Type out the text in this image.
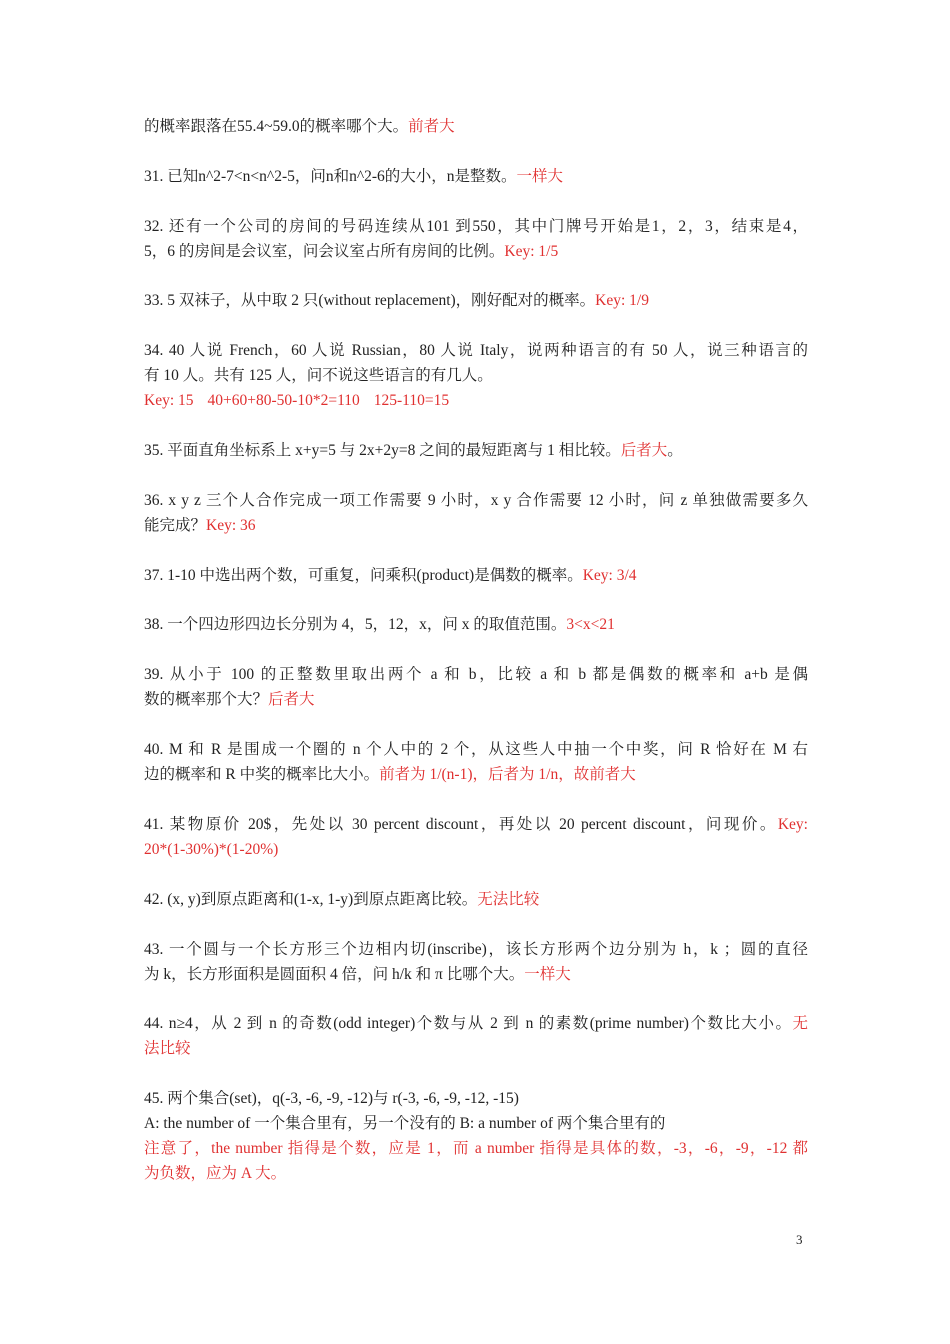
的概率跟落在55.4~59.0的概率哪个大。前者大
31. 已知n^2-7<n<n^2-5，问n和n^2-6的大小，n是整数。一样大
32. 还有一个公司的房间的号码连续从101 到550，其中门牌号开始是1，2，3，结束是4，
5，6 的房间是会议室，问会议室占所有房间的比例。Key: 1/5
33. 5 双袜子，从中取 2 只(without replacement)，刚好配对的概率。Key: 1/9
34. 40 人说 French，60 人说 Russian，80 人说 Italy，说两种语言的有 50 人，说三种语言的
有 10 人。共有 125 人，问不说这些语言的有几人。
Key: 15 40+60+80-50-10*2=110 125-110=15
35. 平面直角坐标系上 x+y=5 与 2x+2y=8 之间的最短距离与 1 相比较。后者大。
36. x y z 三个人合作完成一项工作需要 9 小时，x y 合作需要 12 小时，问 z 单独做需要多久
能完成？Key: 36
37. 1-10 中选出两个数，可重复，问乘积(product)是偶数的概率。Key: 3/4
38. 一个四边形四边长分别为 4，5，12，x，问 x 的取值范围。3<x<21
39. 从小于 100 的正整数里取出两个 a 和 b，比较 a 和 b 都是偶数的概率和 a+b 是偶
数的概率那个大？后者大
40. M 和 R 是围成一个圈的 n 个人中的 2 个，从这些人中抽一个中奖，问 R 恰好在 M 右
边的概率和 R 中奖的概率比大小。前者为 1/(n-1)，后者为 1/n，故前者大
41. 某物原价 20$，先处以 30 percent discount，再处以 20 percent discount，问现价。Key:
20*(1-30%)*(1-20%)
42. (x, y)到原点距离和(1-x, 1-y)到原点距离比较。无法比较
43. 一个圆与一个长方形三个边相内切(inscribe)，该长方形两个边分别为 h，k ；圆的直径
为 k，长方形面积是圆面积 4 倍，问 h/k 和 π 比哪个大。一样大
44. n≥4，从 2 到 n 的奇数(odd integer)个数与从 2 到 n 的素数(prime number)个数比大小。无
法比较
45. 两个集合(set)，q(-3, -6, -9, -12)与 r(-3, -6, -9, -12, -15)
A: the number of 一个集合里有，另一个没有的 B: a number of 两个集合里有的
注意了，the number 指得是个数，应是 1，而 a number 指得是具体的数，-3，-6，-9，-12 都
为负数，应为 A 大。
3
